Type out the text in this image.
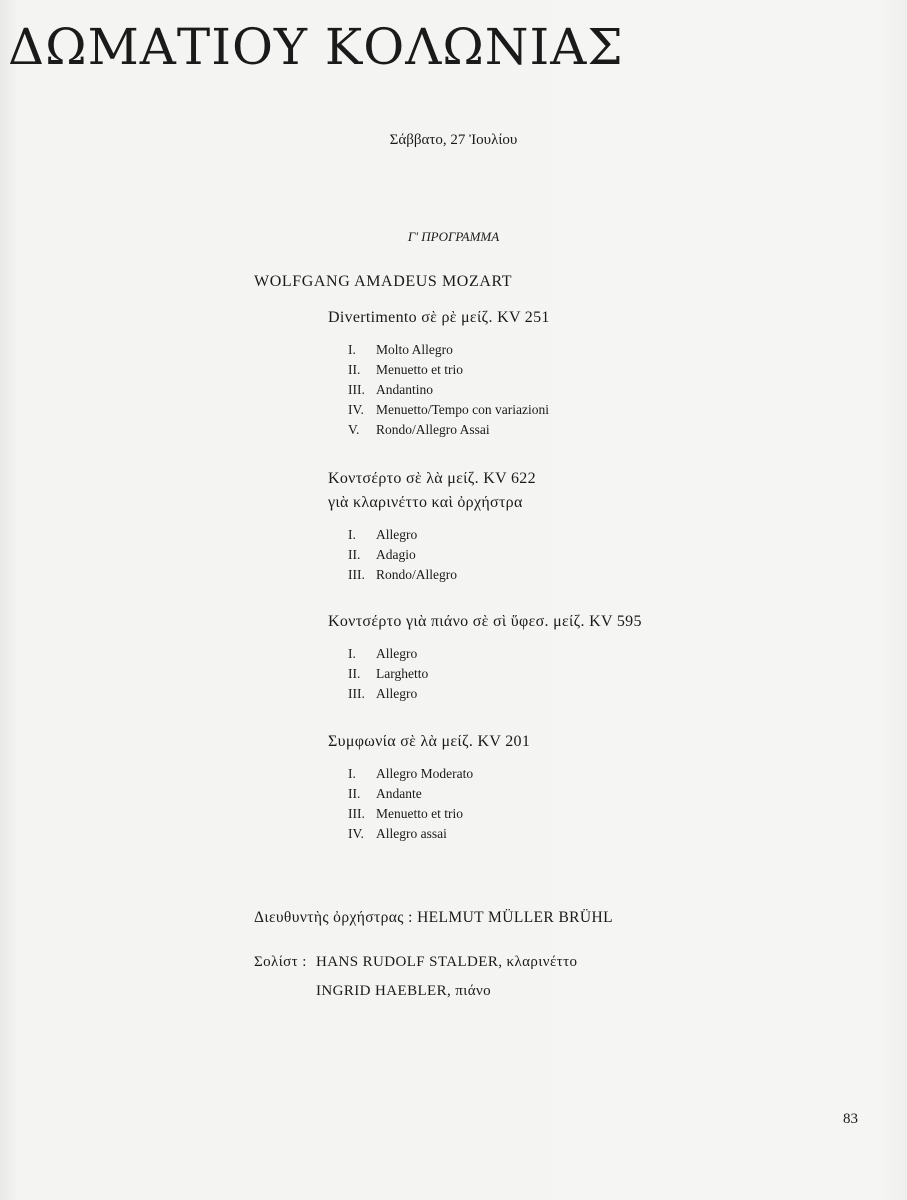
ΔΩΜΑΤΙΟΥ ΚΟΛΩΝΙΑΣ
Σάββατο, 27 Ἰουλίου
Γ' ΠΡΟΓΡΑΜΜΑ
WOLFGANG AMADEUS MOZART
Divertimento σὲ ρὲ μείζ. KV 251
I.	Molto Allegro
II.	Menuetto et trio
III. Andantino
IV. Menuetto/Tempo con variazioni
V.	Rondo/Allegro Assai
Κοντσέρτο σὲ λὰ μείζ. KV 622
γιὰ κλαρινέττο καὶ ὀρχήστρα
I.	Allegro
II.	Adagio
III. Rondo/Allegro
Κοντσέρτο γιὰ πιάνο σὲ σὶ ὕφεσ. μείζ. KV 595
I.	Allegro
II.	Larghetto
III. Allegro
Συμφωνία σὲ λὰ μείζ. KV 201
I.	Allegro Moderato
II.	Andante
III. Menuetto et trio
IV. Allegro assai
Διευθυντὴς ὀρχήστρας : HELMUT MÜLLER BRÜHL
Σολίστ : HANS RUDOLF STALDER, κλαρινέττο
INGRID HAEBLER, πιάνο
83
